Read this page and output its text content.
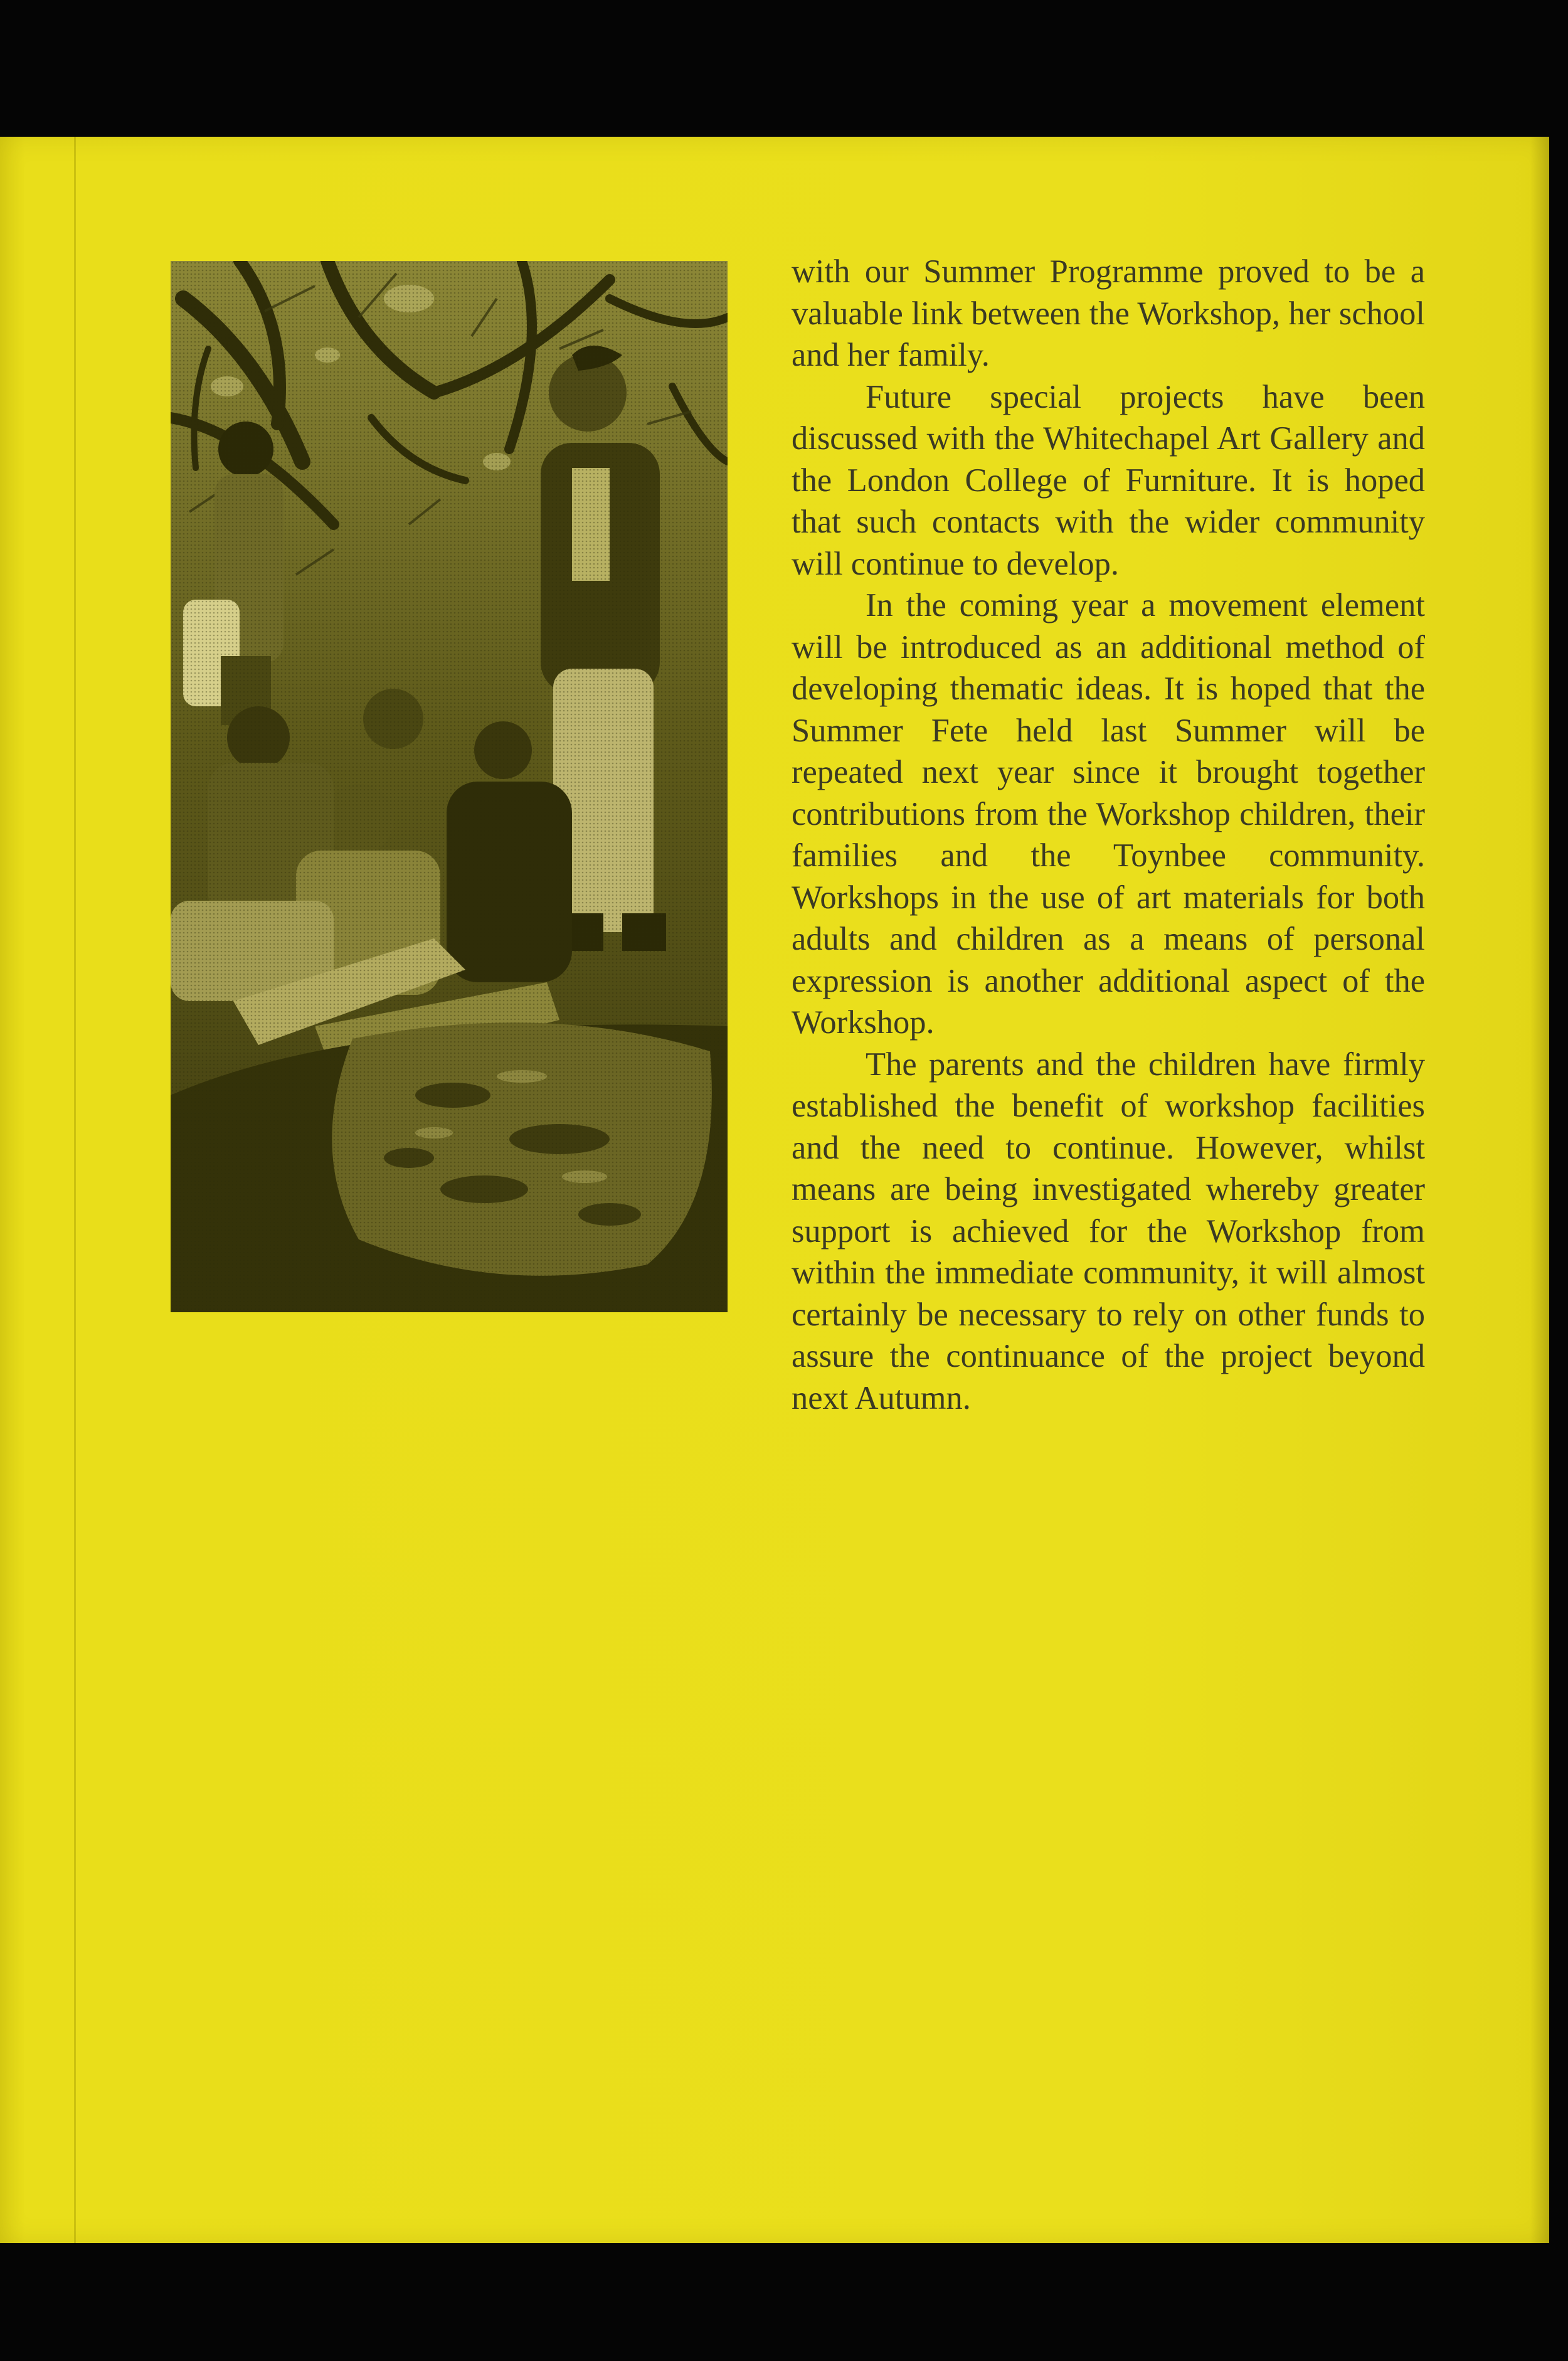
with our Summer Programme proved to be a valuable link between the Workshop, her school and her family.

Future special projects have been discussed with the Whitechapel Art Gallery and the London College of Furniture. It is hoped that such contacts with the wider community will continue to develop.

In the coming year a movement element will be introduced as an additional method of developing thematic ideas. It is hoped that the Summer Fete held last Summer will be repeated next year since it brought together contributions from the Workshop children, their families and the Toynbee community. Workshops in the use of art materials for both adults and children as a means of personal expression is another additional aspect of the Workshop.

The parents and the children have firmly established the benefit of workshop facilities and the need to continue. However, whilst means are being investigated whereby greater support is achieved for the Workshop from within the immediate community, it will almost certainly be necessary to rely on other funds to assure the continuance of the project beyond next Autumn.
